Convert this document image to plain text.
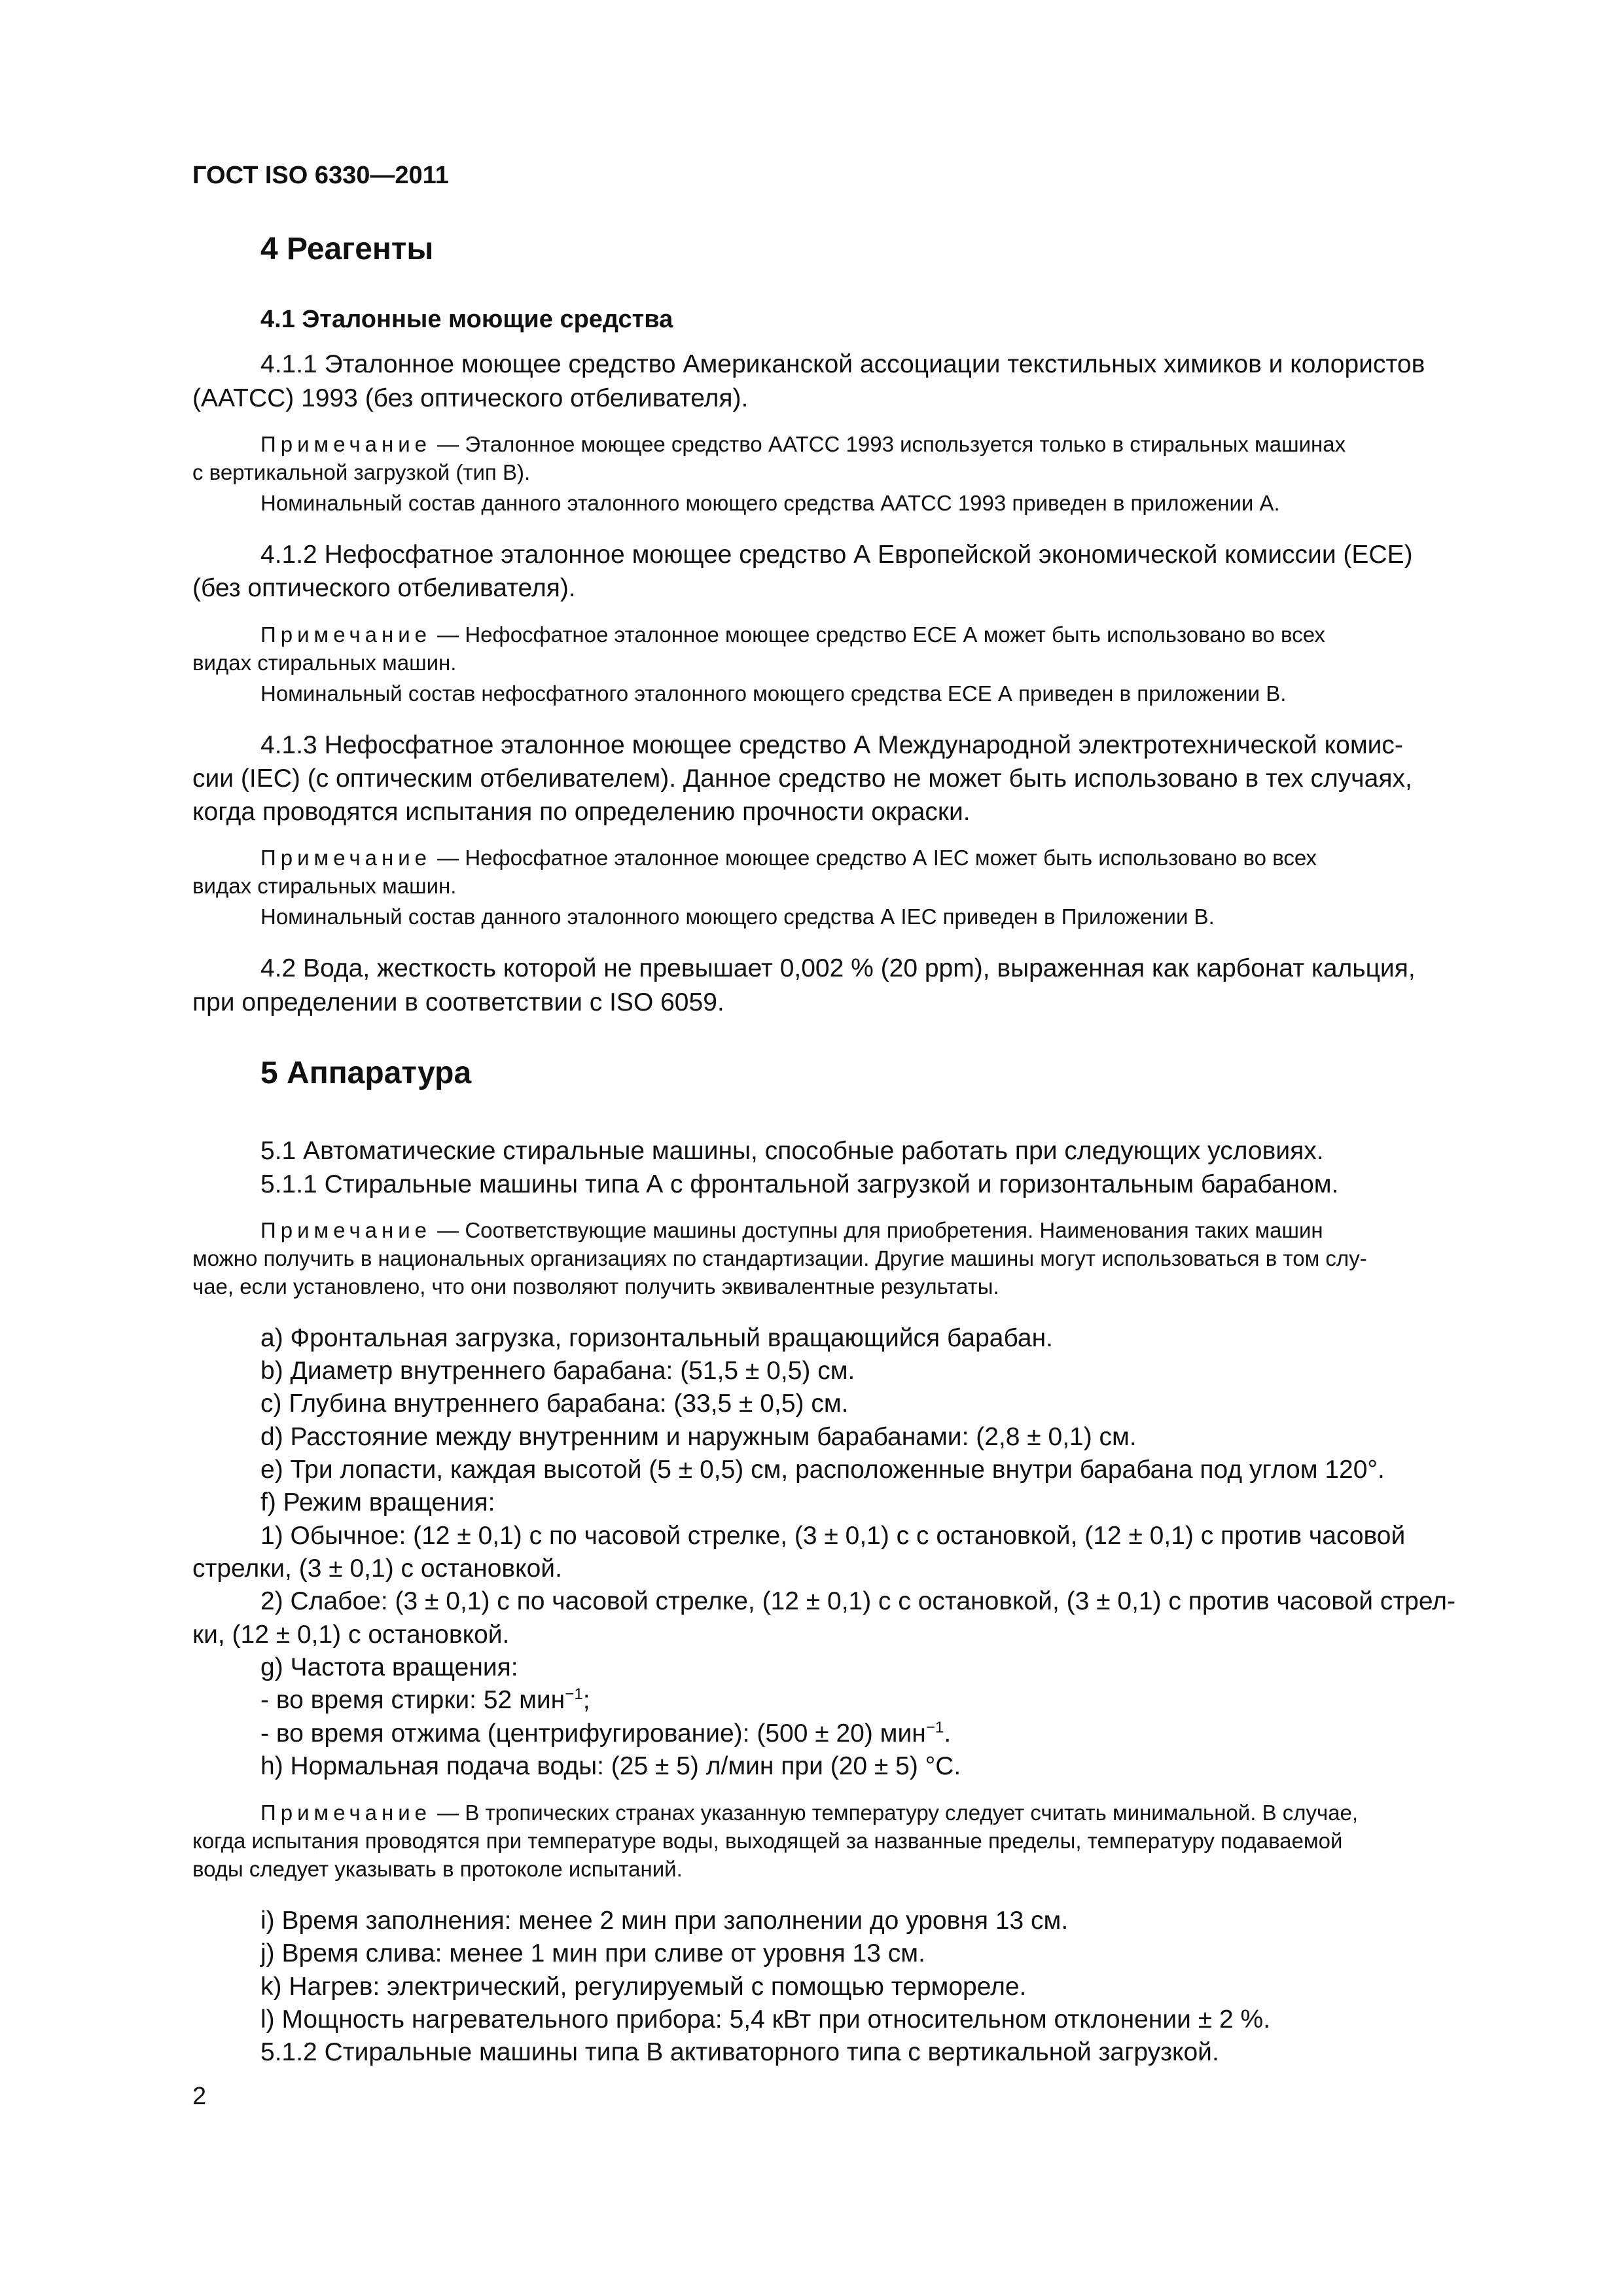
ГОСТ ISO 6330—2011
4 Реагенты
4.1 Эталонные моющие средства
4.1.1 Эталонное моющее средство Американской ассоциации текстильных химиков и колористов
(AATCC) 1993 (без оптического отбеливателя).
Примечание — Эталонное моющее средство AATCC 1993 используется только в стиральных машинах
с вертикальной загрузкой (тип В).
Номинальный состав данного эталонного моющего средства AATCC 1993 приведен в приложении А.
4.1.2 Нефосфатное эталонное моющее средство А Европейской экономической комиссии (ЕСЕ)
(без оптического отбеливателя).
Примечание — Нефосфатное эталонное моющее средство ЕСЕ А может быть использовано во всех
видах стиральных машин.
Номинальный состав нефосфатного эталонного моющего средства ЕСЕ А приведен в приложении В.
4.1.3 Нефосфатное эталонное моющее средство А Международной электротехнической комис-
сии (IEC) (с оптическим отбеливателем). Данное средство не может быть использовано в тех случаях,
когда проводятся испытания по определению прочности окраски.
Примечание — Нефосфатное эталонное моющее средство А IEC может быть использовано во всех
видах стиральных машин.
Номинальный состав данного эталонного моющего средства А IEC приведен в Приложении В.
4.2 Вода, жесткость которой не превышает 0,002 % (20 ppm), выраженная как карбонат кальция,
при определении в соответствии с ISO 6059.
5 Аппаратура
5.1 Автоматические стиральные машины, способные работать при следующих условиях.
5.1.1 Стиральные машины типа А с фронтальной загрузкой и горизонтальным барабаном.
Примечание — Соответствующие машины доступны для приобретения. Наименования таких машин
можно получить в национальных организациях по стандартизации. Другие машины могут использоваться в том слу-
чае, если установлено, что они позволяют получить эквивалентные результаты.
a) Фронтальная загрузка, горизонтальный вращающийся барабан.
b) Диаметр внутреннего барабана: (51,5 ± 0,5) см.
c) Глубина внутреннего барабана: (33,5 ± 0,5) см.
d) Расстояние между внутренним и наружным барабанами: (2,8 ± 0,1) см.
e) Три лопасти, каждая высотой (5 ± 0,5) см, расположенные внутри барабана под углом 120°.
f) Режим вращения:
1) Обычное: (12 ± 0,1) с по часовой стрелке, (3 ± 0,1) с с остановкой, (12 ± 0,1) с против часовой
стрелки, (3 ± 0,1) с остановкой.
2) Слабое: (3 ± 0,1) с по часовой стрелке, (12 ± 0,1) с с остановкой, (3 ± 0,1) с против часовой стрел-
ки, (12 ± 0,1) с остановкой.
g) Частота вращения:
- во время стирки: 52 мин$^{-1}$;
- во время отжима (центрифугирование): (500 ± 20) мин$^{-1}$.
h) Нормальная подача воды: (25 ± 5) л/мин при (20 ± 5) °С.
Примечание — В тропических странах указанную температуру следует считать минимальной. В случае,
когда испытания проводятся при температуре воды, выходящей за названные пределы, температуру подаваемой
воды следует указывать в протоколе испытаний.
i) Время заполнения: менее 2 мин при заполнении до уровня 13 см.
j) Время слива: менее 1 мин при сливе от уровня 13 см.
k) Нагрев: электрический, регулируемый с помощью термореле.
l) Мощность нагревательного прибора: 5,4 кВт при относительном отклонении ± 2 %.
5.1.2 Стиральные машины типа В активаторного типа с вертикальной загрузкой.
2
